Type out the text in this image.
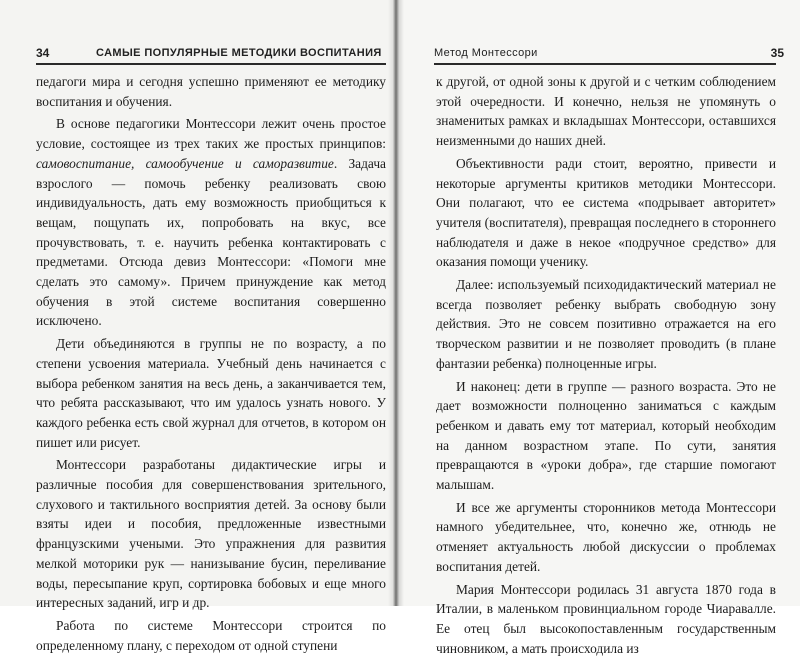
34	САМЫЕ ПОПУЛЯРНЫЕ МЕТОДИКИ ВОСПИТАНИЯ

педагоги мира и сегодня успешно применяют ее методику воспитания и обучения.

В основе педагогики Монтессори лежит очень простое условие, состоящее из трех таких же простых принципов: самовоспитание, самообучение и саморазвитие. Задача взрослого — помочь ребенку реализовать свою индивидуальность, дать ему возможность приобщиться к вещам, пощупать их, попробовать на вкус, все прочувствовать, т. е. научить ребенка контактировать с предметами. Отсюда девиз Монтессори: «Помоги мне сделать это самому». Причем принуждение как метод обучения в этой системе воспитания совершенно исключено.

Дети объединяются в группы не по возрасту, а по степени усвоения материала. Учебный день начинается с выбора ребенком занятия на весь день, а заканчивается тем, что ребята рассказывают, что им удалось узнать нового. У каждого ребенка есть свой журнал для отчетов, в котором он пишет или рисует.

Монтессори разработаны дидактические игры и различные пособия для совершенствования зрительного, слухового и тактильного восприятия детей. За основу были взяты идеи и пособия, предложенные известными французскими учеными. Это упражнения для развития мелкой моторики рук — нанизывание бусин, переливание воды, пересыпание круп, сортировка бобовых и еще много интересных заданий, игр и др.

Работа по системе Монтессори строится по определенному плану, с переходом от одной ступени

Метод Монтессори	35

к другой, от одной зоны к другой и с четким соблюдением этой очередности. И конечно, нельзя не упомянуть о знаменитых рамках и вкладышах Монтессори, оставшихся неизменными до наших дней.

Объективности ради стоит, вероятно, привести и некоторые аргументы критиков методики Монтессори. Они полагают, что ее система «подрывает авторитет» учителя (воспитателя), превращая последнего в стороннего наблюдателя и даже в некое «подручное средство» для оказания помощи ученику.

Далее: используемый психодидактический материал не всегда позволяет ребенку выбрать свободную зону действия. Это не совсем позитивно отражается на его творческом развитии и не позволяет проводить (в плане фантазии ребенка) полноценные игры.

И наконец: дети в группе — разного возраста. Это не дает возможности полноценно заниматься с каждым ребенком и давать ему тот материал, который необходим на данном возрастном этапе. По сути, занятия превращаются в «уроки добра», где старшие помогают малышам.

И все же аргументы сторонников метода Монтессори намного убедительнее, что, конечно же, отнюдь не отменяет актуальность любой дискуссии о проблемах воспитания детей.

Мария Монтессори родилась 31 августа 1870 года в Италии, в маленьком провинциальном городе Чиаравалле. Ее отец был высокопоставленным государственным чиновником, а мать происходила из
